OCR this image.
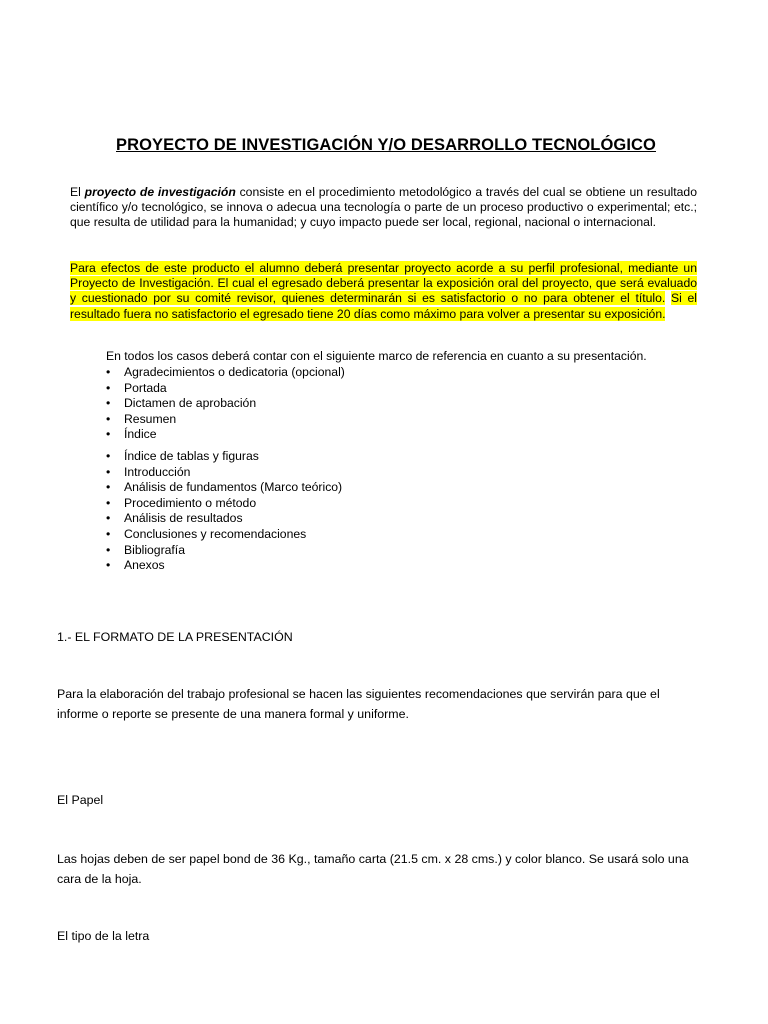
PROYECTO DE INVESTIGACIÓN Y/O DESARROLLO TECNOLÓGICO

El proyecto de investigación consiste en el procedimiento metodológico a través del cual se obtiene un resultado científico y/o tecnológico, se innova o adecua una tecnología o parte de un proceso productivo o experimental; etc.; que resulta de utilidad para la humanidad; y cuyo impacto puede ser local, regional, nacional o internacional.

Para efectos de este producto el alumno deberá presentar proyecto acorde a su perfil profesional, mediante un Proyecto de Investigación. El cual el egresado deberá presentar la exposición oral del proyecto, que será evaluado y cuestionado por su comité revisor, quienes determinarán si es satisfactorio o no para obtener el título. Si el resultado fuera no satisfactorio el egresado tiene 20 días como máximo para volver a presentar su exposición.

En todos los casos deberá contar con el siguiente marco de referencia en cuanto a su presentación.

• Agradecimientos o dedicatoria (opcional)
• Portada
• Dictamen de aprobación
• Resumen
• Índice
• Índice de tablas y figuras
• Introducción
• Análisis de fundamentos (Marco teórico)
• Procedimiento o método
• Análisis de resultados
• Conclusiones y recomendaciones
• Bibliografía
• Anexos

1.- EL FORMATO DE LA PRESENTACIÓN

Para la elaboración del trabajo profesional se hacen las siguientes recomendaciones que servirán para que el informe o reporte se presente de una manera formal y uniforme.

El Papel

Las hojas deben de ser papel bond de 36 Kg., tamaño carta (21.5 cm. x 28 cms.) y color blanco. Se usará solo una cara de la hoja.

El tipo de la letra
